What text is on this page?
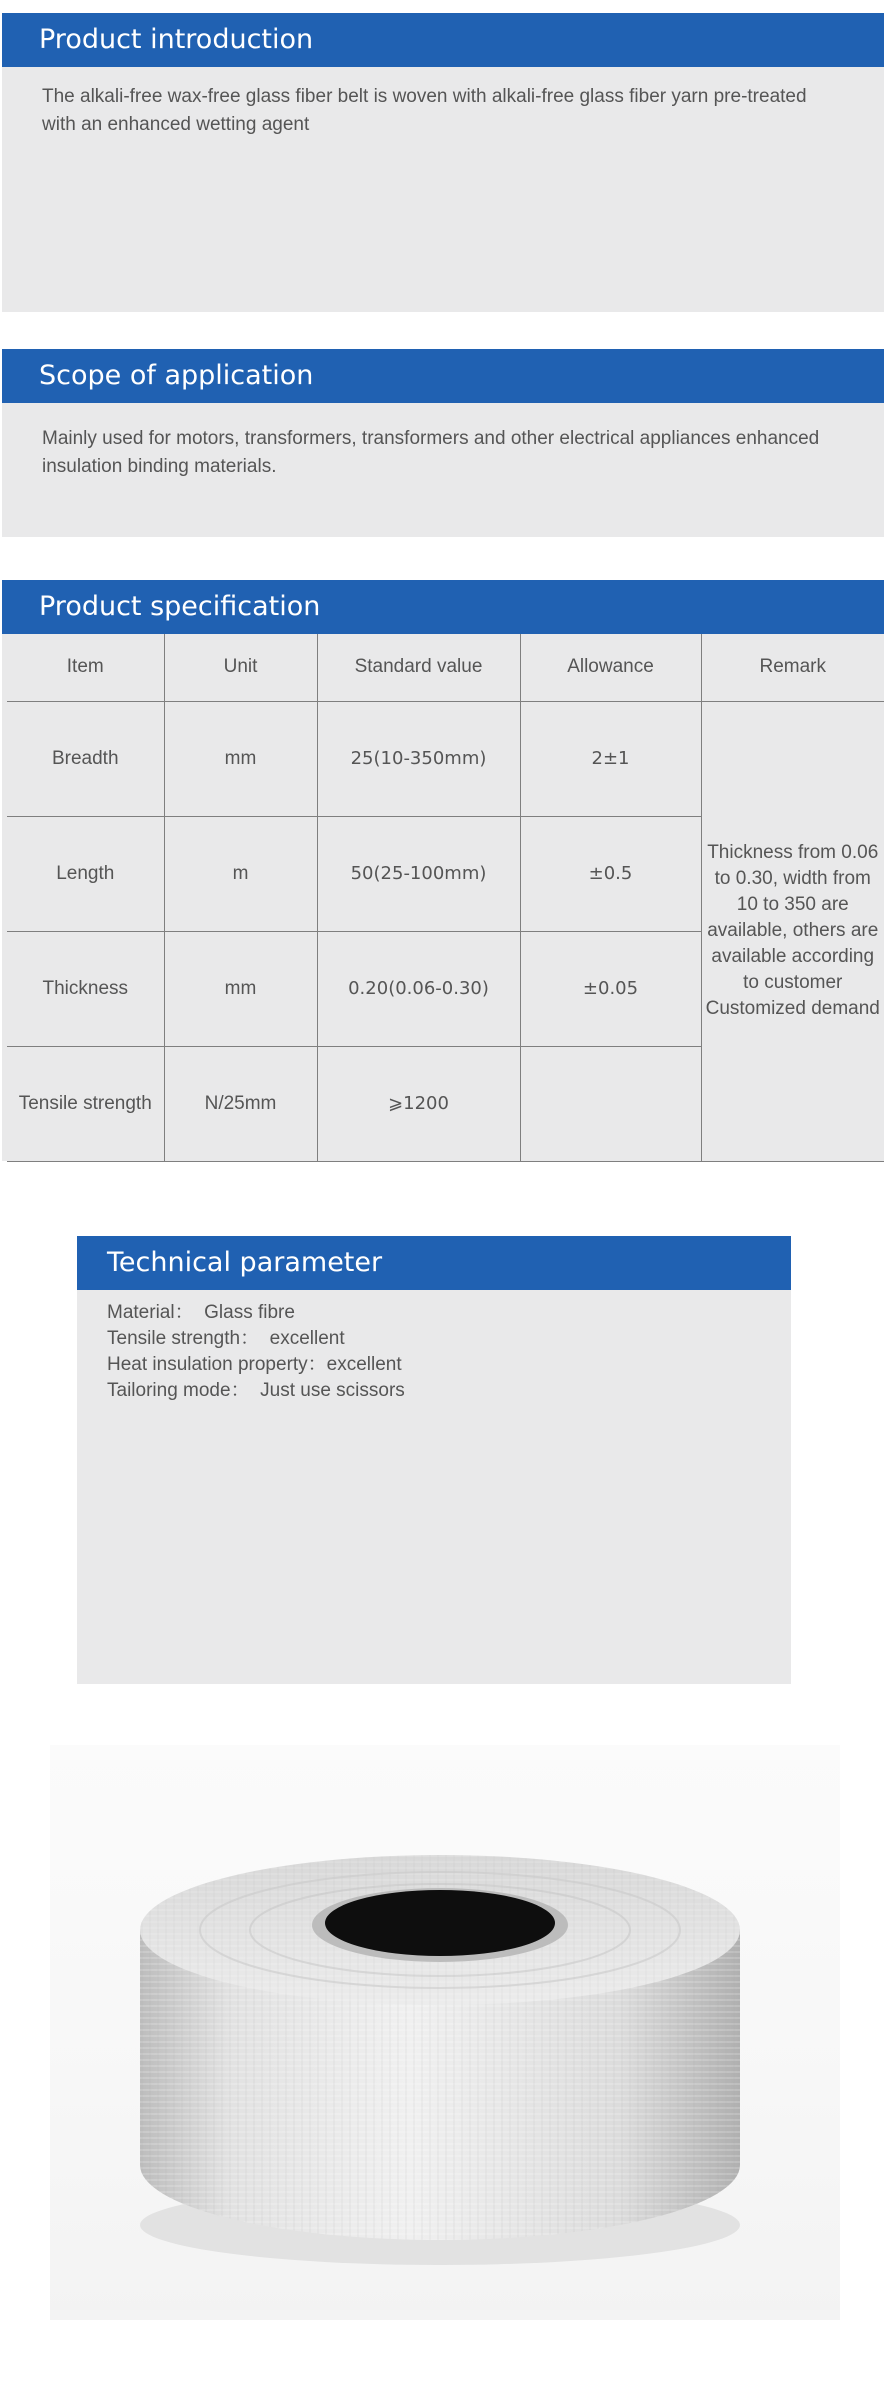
Product introduction
The alkali-free wax-free glass fiber belt is woven with alkali-free glass fiber yarn pre-treated with an enhanced wetting agent
Scope of application
Mainly used for motors, transformers, transformers and other electrical appliances enhanced insulation binding materials.
Product specification
Item	Unit	Standard value	Allowance	Remark
Breadth	mm	25(10-350mm)	2±1	Thickness from 0.06 to 0.30, width from 10 to 350 are available, others are available according to customer Customized demand
Length	m	50(25-100mm)	±0.5	
Thickness	mm	0.20(0.06-0.30)	±0.05	
Tensile strength	N/25mm	⩾1200		
Technical parameter
Material：  Glass fibre
Tensile strength：  excellent
Heat insulation property：excellent
Tailoring mode：  Just use scissors
